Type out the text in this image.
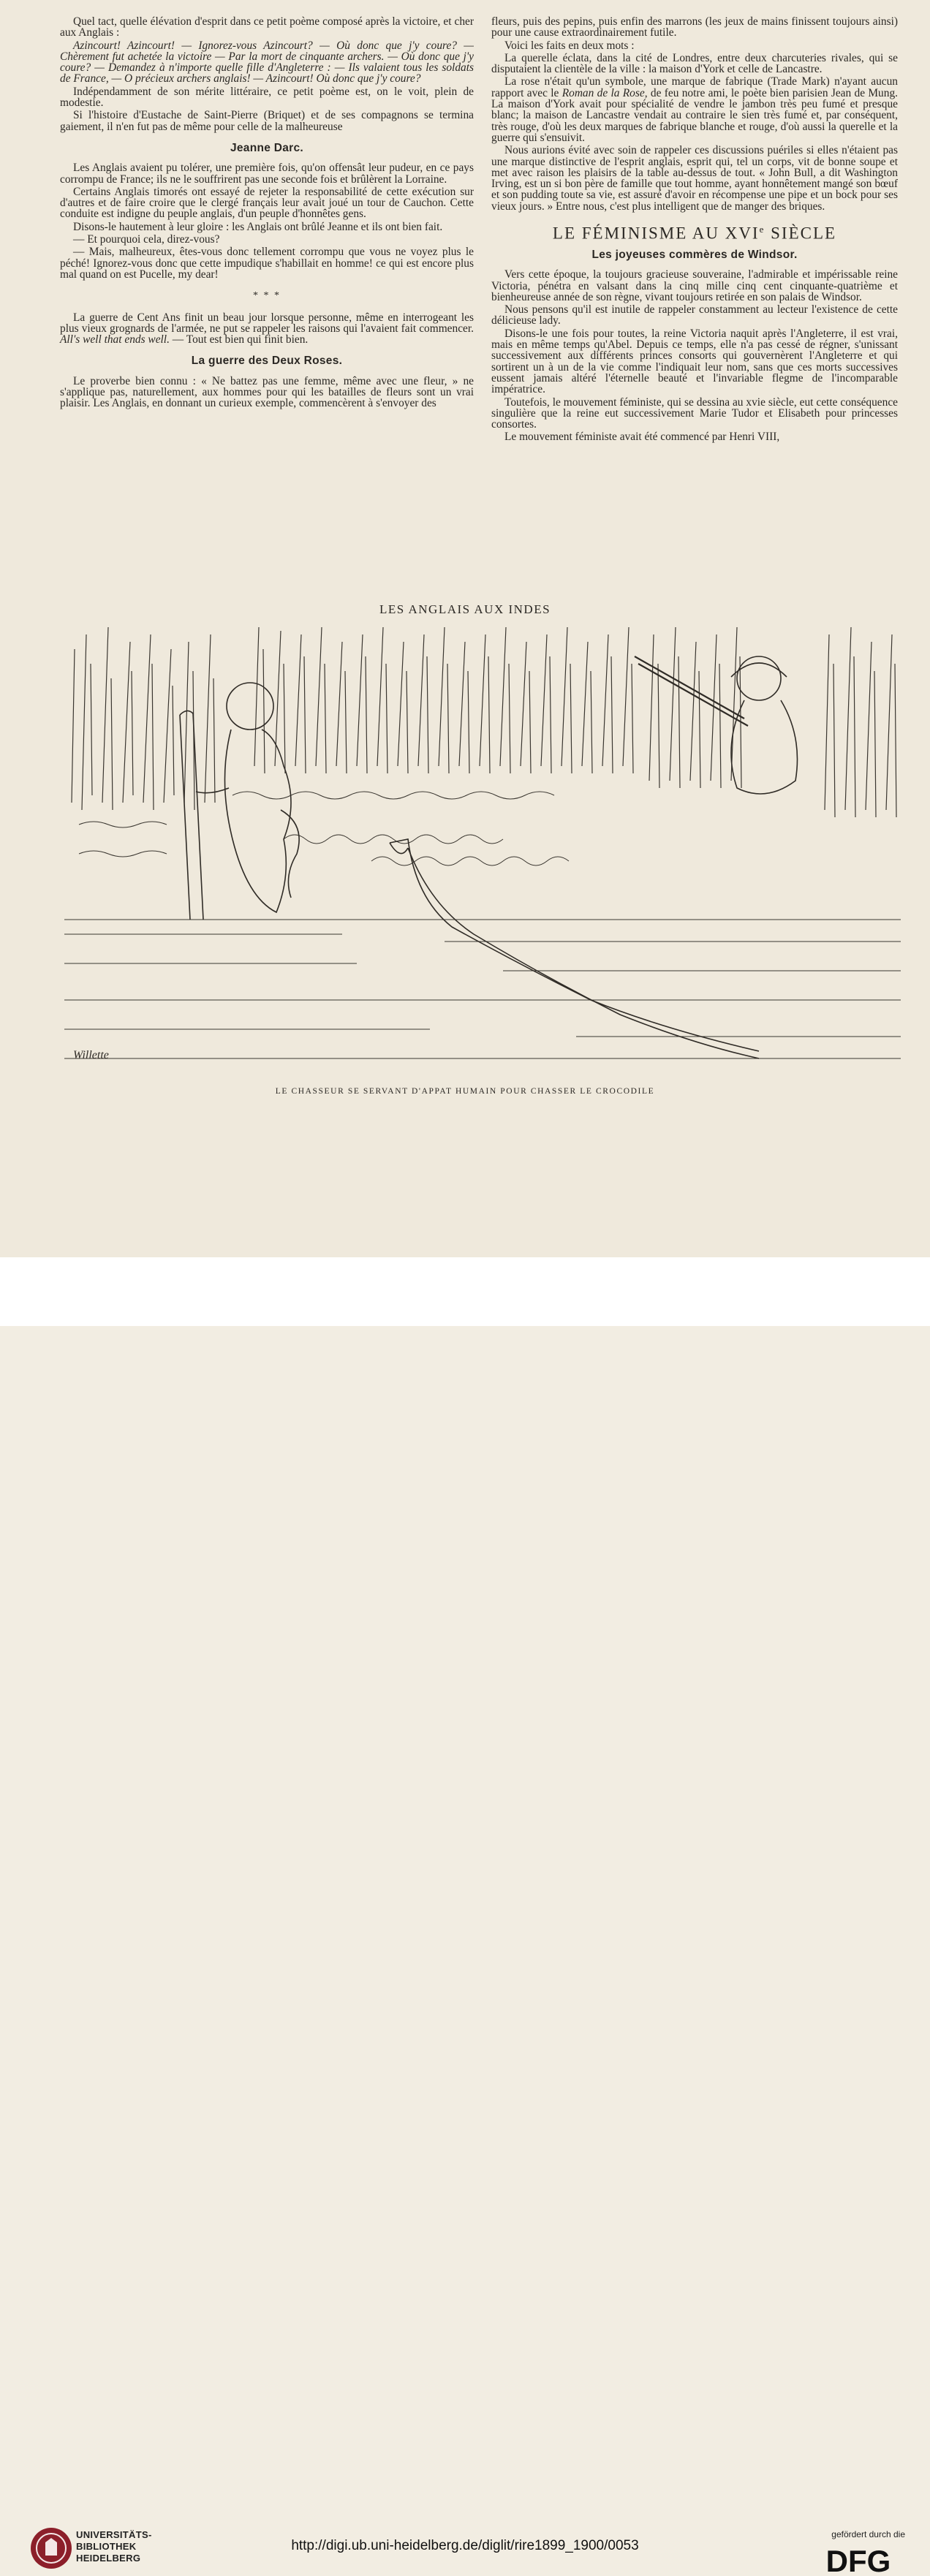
Quel tact, quelle élévation d'esprit dans ce petit poème composé après la victoire, et cher aux Anglais :

Azincourt! Azincourt! — Ignorez-vous Azincourt? — Où donc que j'y coure? — Chèrement fut achetée la victoire — Par la mort de cinquante archers. — Où donc que j'y coure? — Demandez à n'importe quelle fille d'Angleterre : — Ils valaient tous les soldats de France, — O précieux archers anglais! — Azincourt! Où donc que j'y coure?

Indépendamment de son mérite littéraire, ce petit poème est, on le voit, plein de modestie.

Si l'histoire d'Eustache de Saint-Pierre (Briquet) et de ses compagnons se termina gaiement, il n'en fut pas de même pour celle de la malheureuse

Jeanne Darc.

Les Anglais avaient pu tolérer, une première fois, qu'on offensât leur pudeur, en ce pays corrompu de France; ils ne le souffrirent pas une seconde fois et brûlèrent la Lorraine.

Certains Anglais timorés ont essayé de rejeter la responsabilité de cette exécution sur d'autres et de faire croire que le clergé français leur avait joué un tour de Cauchon. Cette conduite est indigne du peuple anglais, d'un peuple d'honnêtes gens.

Disons-le hautement à leur gloire : les Anglais ont brûlé Jeanne et ils ont bien fait.

— Et pourquoi cela, direz-vous?

— Mais, malheureux, êtes-vous donc tellement corrompu que vous ne voyez plus le péché! Ignorez-vous donc que cette impudique s'habillait en homme! ce qui est encore plus mal quand on est Pucelle, my dear!

* * *

La guerre de Cent Ans finit un beau jour lorsque personne, même en interrogeant les plus vieux grognards de l'armée, ne put se rappeler les raisons qui l'avaient fait commencer. All's well that ends well. — Tout est bien qui finit bien.

La guerre des Deux Roses.

Le proverbe bien connu : « Ne battez pas une femme, même avec une fleur, » ne s'applique pas, naturellement, aux hommes pour qui les batailles de fleurs sont un vrai plaisir. Les Anglais, en donnant un curieux exemple, commencèrent à s'envoyer des

fleurs, puis des pepins, puis enfin des marrons (les jeux de mains finissent toujours ainsi) pour une cause extraordinairement futile.

Voici les faits en deux mots :

La querelle éclata, dans la cité de Londres, entre deux charcuteries rivales, qui se disputaient la clientèle de la ville : la maison d'York et celle de Lancastre.

La rose n'était qu'un symbole, une marque de fabrique (Trade Mark) n'ayant aucun rapport avec le Roman de la Rose, de feu notre ami, le poète bien parisien Jean de Mung. La maison d'York avait pour spécialité de vendre le jambon très peu fumé et presque blanc; la maison de Lancastre vendait au contraire le sien très fumé et, par conséquent, très rouge, d'où les deux marques de fabrique blanche et rouge, d'où aussi la querelle et la guerre qui s'ensuivit.

Nous aurions évité avec soin de rappeler ces discussions puériles si elles n'étaient pas une marque distinctive de l'esprit anglais, esprit qui, tel un corps, vit de bonne soupe et met avec raison les plaisirs de la table au-dessus de tout. « John Bull, a dit Washington Irving, est un si bon père de famille que tout homme, ayant honnêtement mangé son bœuf et son pudding toute sa vie, est assuré d'avoir en récompense une pipe et un bock pour ses vieux jours. » Entre nous, c'est plus intelligent que de manger des briques.

LE FÉMINISME AU XVIe SIÈCLE
Les joyeuses commères de Windsor.

Vers cette époque, la toujours gracieuse souveraine, l'admirable et impérissable reine Victoria, pénétra en valsant dans la cinq mille cinq cent cinquante-quatrième et bienheureuse année de son règne, vivant toujours retirée en son palais de Windsor.

Nous pensons qu'il est inutile de rappeler constamment au lecteur l'existence de cette délicieuse lady.

Disons-le une fois pour toutes, la reine Victoria naquit après l'Angleterre, il est vrai, mais en même temps qu'Abel. Depuis ce temps, elle n'a pas cessé de régner, s'unissant successivement aux différents princes consorts qui gouvernèrent l'Angleterre et qui sortirent un à un de la vie comme l'indiquait leur nom, sans que ces morts successives eussent jamais altéré l'éternelle beauté et l'invariable flegme de l'incomparable impératrice.

Toutefois, le mouvement féministe, qui se dessina au xvie siècle, eut cette conséquence singulière que la reine eut successivement Marie Tudor et Elisabeth pour princesses consortes.

Le mouvement féministe avait été commencé par Henri VIII,

LES ANGLAIS AUX INDES
Willette
LE CHASSEUR SE SERVANT D'APPAT HUMAIN POUR CHASSER LE CROCODILE
UNIVERSITÄTS-
BIBLIOTHEK
HEIDELBERG
http://digi.ub.uni-heidelberg.de/diglit/rire1899_1900/0053
gefördert durch die
DFG
